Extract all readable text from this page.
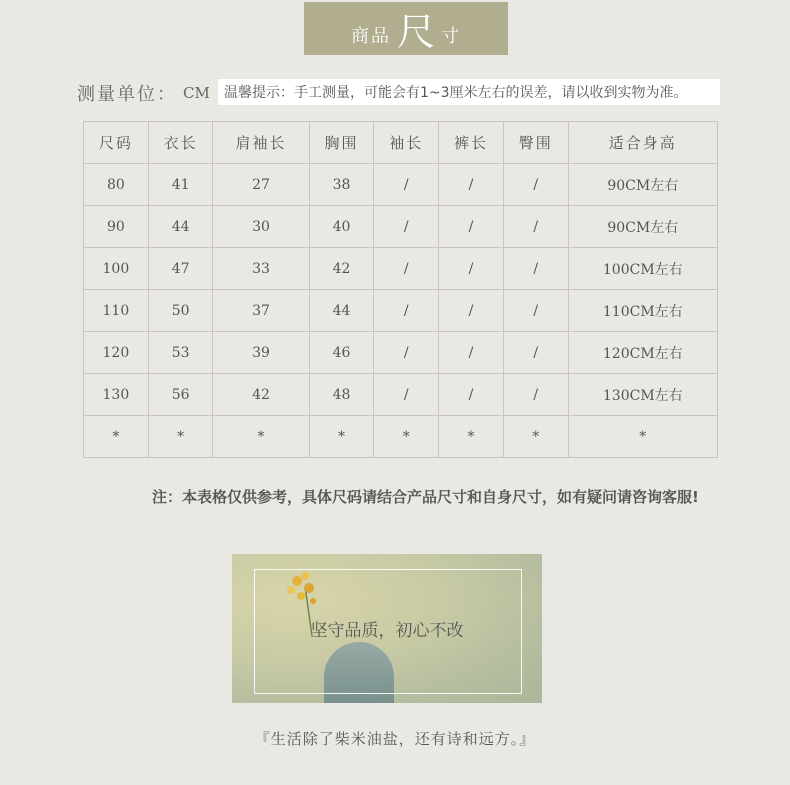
商品 尺 寸
测量单位： CM	温馨提示：手工测量，可能会有1~3厘米左右的误差，请以收到实物为准。
尺码	衣长	肩袖长	胸围	袖长	裤长	臀围	适合身高
80	41	27	38	/	/	/	90CM左右
90	44	30	40	/	/	/	90CM左右
100	47	33	42	/	/	/	100CM左右
110	50	37	44	/	/	/	110CM左右
120	53	39	46	/	/	/	120CM左右
130	56	42	48	/	/	/	130CM左右
*	*	*	*	*	*	*	*
注：本表格仅供参考，具体尺码请结合产品尺寸和自身尺寸，如有疑问请咨询客服!
坚守品质，初心不改
『生活除了柴米油盐，还有诗和远方。』
